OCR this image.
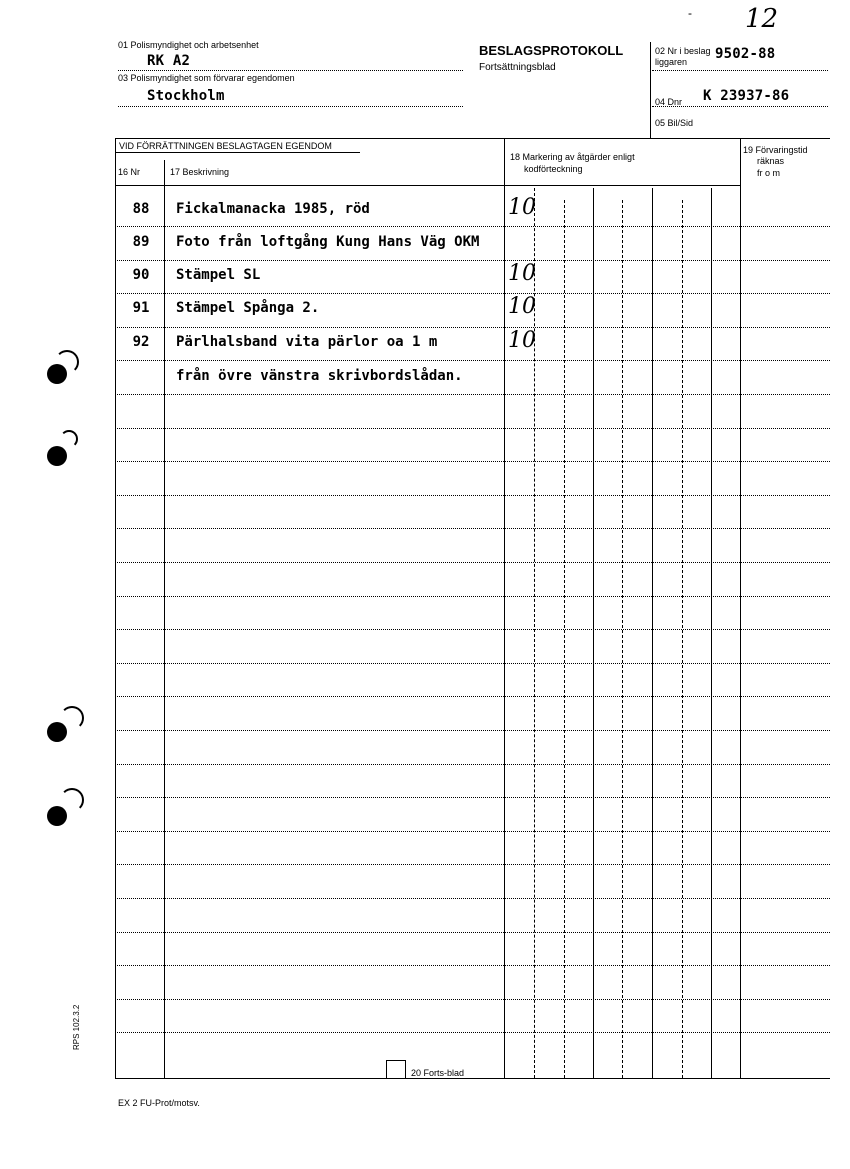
- 12
01 Polismyndighet och arbetsenhet
RK A2
03 Polismyndighet som förvarar egendomen
Stockholm
BESLAGSPROTOKOLL
Fortsättningsblad
02 Nr i beslag
liggaren 9502-88
04 Dnr K 23937-86
05 Bil/Sid
VID FÖRRÄTTNINGEN BESLAGTAGEN EGENDOM
16 Nr	17 Beskrivning
18 Markering av åtgärder enligt
kodförteckning
19 Förvaringstid
räknas
fr o m
88	Fickalmanacka 1985, röd	10
89	Foto från loftgång Kung Hans Väg OKM
90	Stämpel SL	10
91	Stämpel Spånga 2.	10
92	Pärlhalsband vita pärlor oa 1 m	10
från övre vänstra skrivbordslådan.
20 Forts-blad
RPS 102.3.2
EX 2 FU-Prot/motsv.
